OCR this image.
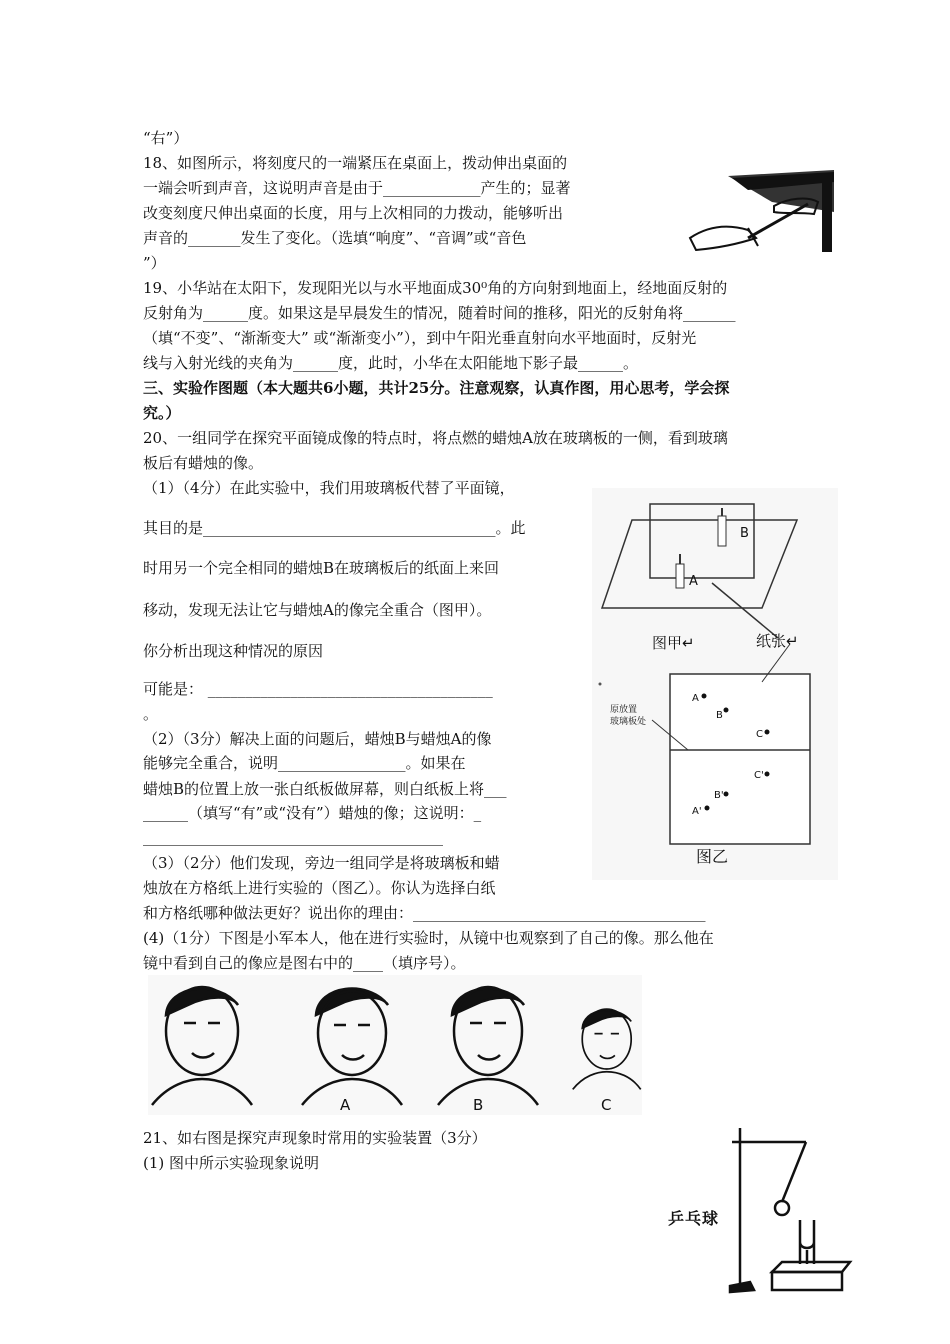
“右”）
18、如图所示，将刻度尺的一端紧压在桌面上，拨动伸出桌面的
一端会听到声音，这说明声音是由于_____________产生的；显著
改变刻度尺伸出桌面的长度，用与上次相同的力拨动，能够听出
声音的_______发生了变化。（选填“响度”、“音调”或“音色
”）
19、小华站在太阳下，发现阳光以与水平地面成30⁰角的方向射到地面上，经地面反射的
反射角为______度。如果这是早晨发生的情况，随着时间的推移，阳光的反射角将_______
（填“不变”、“渐渐变大” 或“渐渐变小”），到中午阳光垂直射向水平地面时，反射光
线与入射光线的夹角为______度，此时，小华在太阳能地下影子最______。
三、实验作图题（本大题共6小题，共计25分。注意观察，认真作图，用心思考，学会探
究。）
20、一组同学在探究平面镜成像的特点时，将点燃的蜡烛A放在玻璃板的一侧，看到玻璃
板后有蜡烛的像。
（1）（4分）在此实验中，我们用玻璃板代替了平面镜，
其目的是_______________________________________。此
时用另一个完全相同的蜡烛B在玻璃板后的纸面上来回
移动，发现无法让它与蜡烛A的像完全重合（图甲）。
你分析出现这种情况的原因
可能是： ______________________________________
。
（2）（3分）解决上面的问题后，蜡烛B与蜡烛A的像
能够完全重合，说明_________________。如果在
蜡烛B的位置上放一张白纸板做屏幕，则白纸板上将___
______（填写“有”或“没有”）蜡烛的像；这说明：_
________________________________________
（3）（2分）他们发现，旁边一组同学是将玻璃板和蜡
烛放在方格纸上进行实验的（图乙）。你认为选择白纸
和方格纸哪种做法更好？说出你的理由：_______________________________________
(4)（1分）下图是小军本人，他在进行实验时，从镜中也观察到了自己的像。那么他在
镜中看到自己的像应是图右中的____（填序号）。
21、如右图是探究声现象时常用的实验装置（3分）
(1) 图中所示实验现象说明
B
A
图甲↵	纸张↵
原放置
玻璃板处
A
B
C
A'
B'
C'
图乙
A	B	C
乒乓球
